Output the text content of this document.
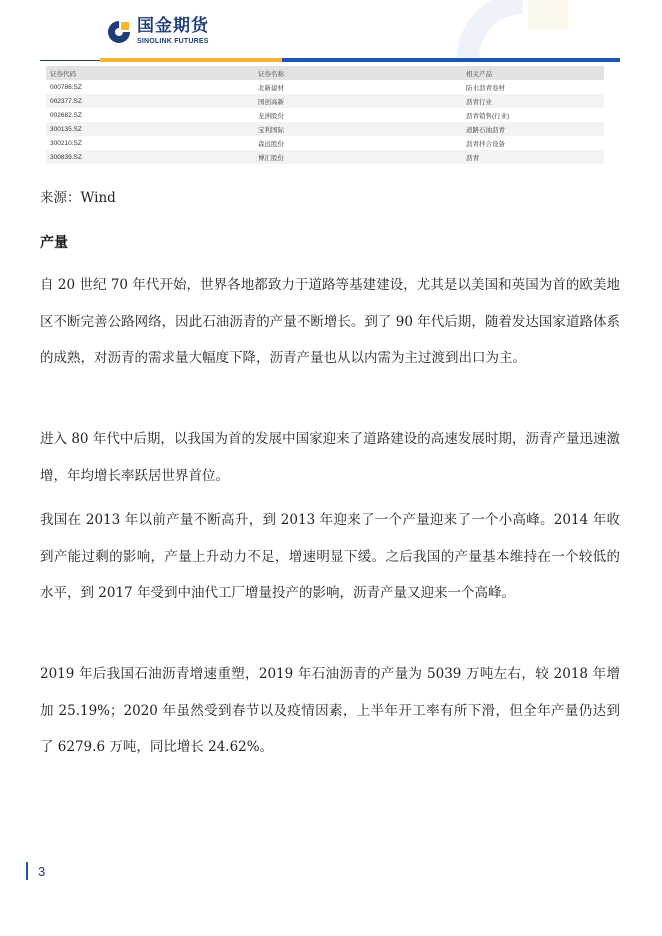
国金期货
SINOLINK FUTURES
证券代码	证券名称	相关产品
000786.SZ	北新建材	防水沥青卷材
002377.SZ	国创高新	沥青行业
002682.SZ	龙洲股份	沥青销售(行业)
300135.SZ	宝利国际	道路石油沥青
300210.SZ	森远股份	沥青拌合设备
300839.SZ	博汇股份	沥青
来源：Wind
产量

自 20 世纪 70 年代开始，世界各地都致力于道路等基建建设，尤其是以美国和英国为首的欧美地区不断完善公路网络，因此石油沥青的产量不断增长。到了 90 年代后期，随着发达国家道路体系的成熟，对沥青的需求量大幅度下降，沥青产量也从以内需为主过渡到出口为主。

进入 80 年代中后期，以我国为首的发展中国家迎来了道路建设的高速发展时期，沥青产量迅速激增，年均增长率跃居世界首位。

我国在 2013 年以前产量不断高升，到 2013 年迎来了一个产量迎来了一个小高峰。2014 年收到产能过剩的影响，产量上升动力不足，增速明显下缓。之后我国的产量基本维持在一个较低的水平，到 2017 年受到中油代工厂增量投产的影响，沥青产量又迎来一个高峰。

2019 年后我国石油沥青增速重塑，2019 年石油沥青的产量为 5039 万吨左右，较 2018 年增加 25.19%；2020 年虽然受到春节以及疫情因素，上半年开工率有所下滑，但全年产量仍达到了 6279.6 万吨，同比增长 24.62%。

3
